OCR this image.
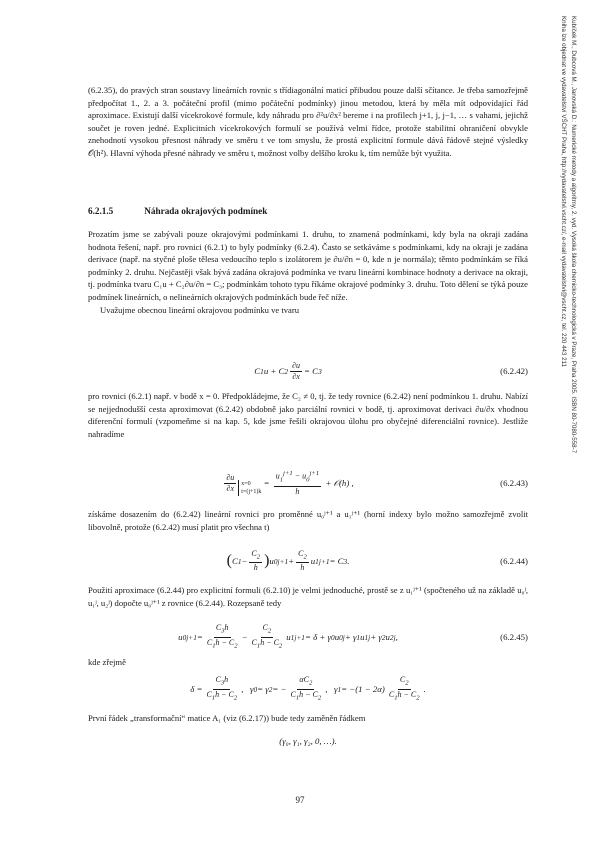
Kubíček M., Dubcová M., Janovská D.: Numerické metody a algoritmy, 2. vyd. Vysoká škola chemicko-technologická v Praze, Praha 2005. ISBN 80-7080-558-7
Kniha lze objednat ve vydavatelství VŠCHT Praha, http://vydavatelstvi.vscht.cz/, e-mail vydavatelstvi@vscht.cz, tel. 220 443 211

(6.2.35), do pravých stran soustavy lineárních rovnic s třídiagonální maticí přibudou pouze další sčítance. Je třeba samozřejmě předpočítat 1., 2. a 3. počáteční profil (mimo počáteční podmínky) jinou metodou, která by měla mít odpovídající řád aproximace. Existují další vícekrokové formule, kdy náhradu pro ∂²u/∂x² bereme i na profilech j+1, j, j−1, … s vahami, jejichž součet je roven jedné. Explicitních vícekrokových formulí se používá velmi řídce, protože stabilitní ohraničení obvykle znehodnotí vysokou přesnost náhrady ve směru t ve tom smyslu, že prostá explicitní formule dává řádově stejné výsledky 𝒪(h²). Hlavní výhoda přesné náhrady ve směru t, možnost volby delšího kroku k, tím nemůže být využita.

6.2.1.5	Náhrada okrajových podmínek

Prozatím jsme se zabývali pouze okrajovými podmínkami 1. druhu, to znamená podmínkami, kdy byla na okraji zadána hodnota řešení, např. pro rovnici (6.2.1) to byly podmínky (6.2.4). Často se setkáváme s podmínkami, kdy na okraji je zadána derivace (např. na styčné ploše tělesa vedoucího teplo s izolátorem je ∂u/∂n = 0, kde n je normála); těmto podmínkám se říká podmínky 2. druhu. Nejčastěji však bývá zadána okrajová podmínka ve tvaru lineární kombinace hodnoty a derivace na okraji, tj. podmínka tvaru C₁u + C₂∂u/∂n = C₃; podmínkám tohoto typu říkáme okrajové podmínky 3. druhu. Toto dělení se týká pouze podmínek lineárních, o nelineárních okrajových podmínkách bude řeč níže.

Uvažujme obecnou lineární okrajovou podmínku ve tvaru

C 1 u + C $2 \frac{\partial u}{\partial x} = C$ 3	(6.2.42)

pro rovnici (6.2.1) např. v bodě x = 0. Předpokládejme, že C₂ ≠ 0, tj. že tedy rovnice (6.2.42) není podmínkou 1. druhu. Nabízí se nejjednodušší cesta aproximovat (6.2.42) obdobně jako parciální rovnici v bodě, tj. aproximovat derivaci ∂u/∂x vhodnou diferenční formulí (vzpomeňme si na kap. 5, kde jsme řešili okrajovou úlohu pro obyčejné diferenciální rovnice). Jestliže nahradíme

$\frac{\partial u}{\partial x} x=0$
t=(j+1)k
= $\frac{u_1^{j+1} - u_0^{j+1}}{h}$ + 𝒪(h) ,	(6.2.43)

získáme dosazením do (6.2.42) lineární rovnici pro proměnné u₀ʲ⁺¹ a u₁ʲ⁺¹ (horní indexy bylo možno samozřejmě zvolit libovolně, protože (6.2.42) musí platit pro všechna t)

( C $1 - \frac{C_2}{h}$ ) u 0 $j+1 + \frac{C_2}{h}$ u 1 j+1 = C 3 .	(6.2.44)

Použití aproximace (6.2.44) pro explicitní formuli (6.2.10) je velmi jednoduché, prostě se z u₁ʲ⁺¹ (spočteného už na základě u₀ʲ, u₁ʲ, u₂ʲ) dopočte u₀ʲ⁺¹ z rovnice (6.2.44). Rozepsaně tedy

u 0 $j+1 = \frac{C_3h}{C_1h - C_2} - \frac{C_2}{C_1h - C_2}$ u 1 j+1 = δ + γ 0 u 0 j + γ 1 u 1 j + γ 2 u 2 j ,	(6.2.45)

kde zřejmě

$\delta = \frac{C_3h}{C_1h - C_2}$ ,   γ 0 = γ 2 = − $\frac{\alpha C_2}{C_1h - C_2}$ ,   γ $1 = -(1 - 2\alpha) \frac{C_2}{C_1h - C_2}$ .

První řádek „transformační“ matice A₁ (viz (6.2.17)) bude tedy zaměněn řádkem

(γ₀, γ₁, γ₂, 0, …).
97
